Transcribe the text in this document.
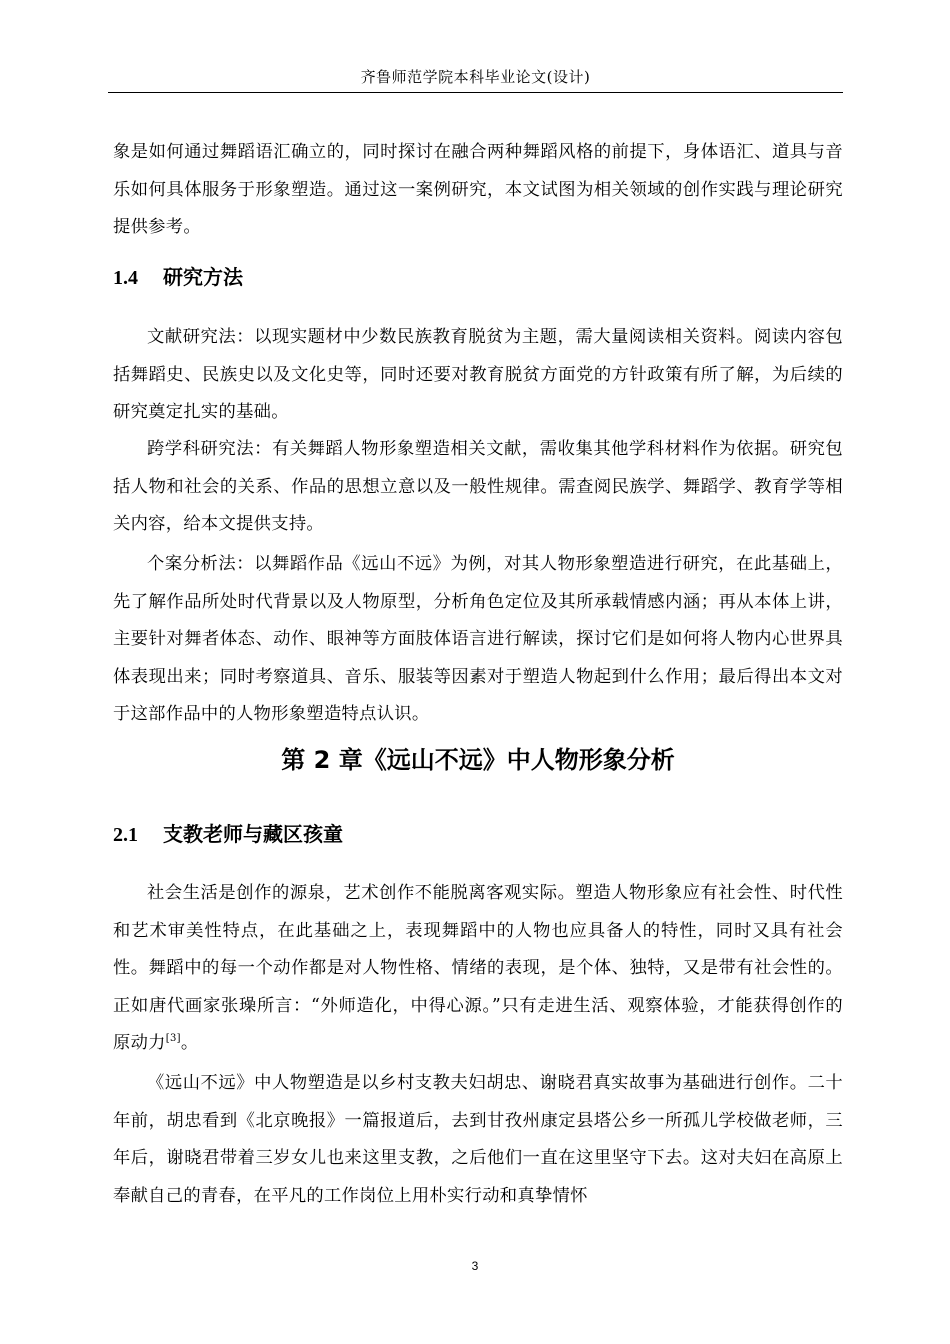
齐鲁师范学院本科毕业论文(设计)

象是如何通过舞蹈语汇确立的，同时探讨在融合两种舞蹈风格的前提下，身体语汇、道具与音乐如何具体服务于形象塑造。通过这一案例研究，本文试图为相关领域的创作实践与理论研究提供参考。

1.4 研究方法

文献研究法：以现实题材中少数民族教育脱贫为主题，需大量阅读相关资料。阅读内容包括舞蹈史、民族史以及文化史等，同时还要对教育脱贫方面党的方针政策有所了解，为后续的研究奠定扎实的基础。

跨学科研究法：有关舞蹈人物形象塑造相关文献，需收集其他学科材料作为依据。研究包括人物和社会的关系、作品的思想立意以及一般性规律。需查阅民族学、舞蹈学、教育学等相关内容，给本文提供支持。

个案分析法：以舞蹈作品《远山不远》为例，对其人物形象塑造进行研究，在此基础上，先了解作品所处时代背景以及人物原型，分析角色定位及其所承载情感内涵；再从本体上讲，主要针对舞者体态、动作、眼神等方面肢体语言进行解读，探讨它们是如何将人物内心世界具体表现出来；同时考察道具、音乐、服装等因素对于塑造人物起到什么作用；最后得出本文对于这部作品中的人物形象塑造特点认识。

第 2 章《远山不远》中人物形象分析
2.1 支教老师与藏区孩童

社会生活是创作的源泉，艺术创作不能脱离客观实际。塑造人物形象应有社会性、时代性和艺术审美性特点，在此基础之上，表现舞蹈中的人物也应具备人的特性，同时又具有社会性。舞蹈中的每一个动作都是对人物性格、情绪的表现，是个体、独特，又是带有社会性的。正如唐代画家张璪所言：“外师造化，中得心源。”只有走进生活、观察体验，才能获得创作的原动力[3]。

《远山不远》中人物塑造是以乡村支教夫妇胡忠、谢晓君真实故事为基础进行创作。二十年前，胡忠看到《北京晚报》一篇报道后，去到甘孜州康定县塔公乡一所孤儿学校做老师，三年后，谢晓君带着三岁女儿也来这里支教，之后他们一直在这里坚守下去。这对夫妇在高原上奉献自己的青春，在平凡的工作岗位上用朴实行动和真挚情怀

3
